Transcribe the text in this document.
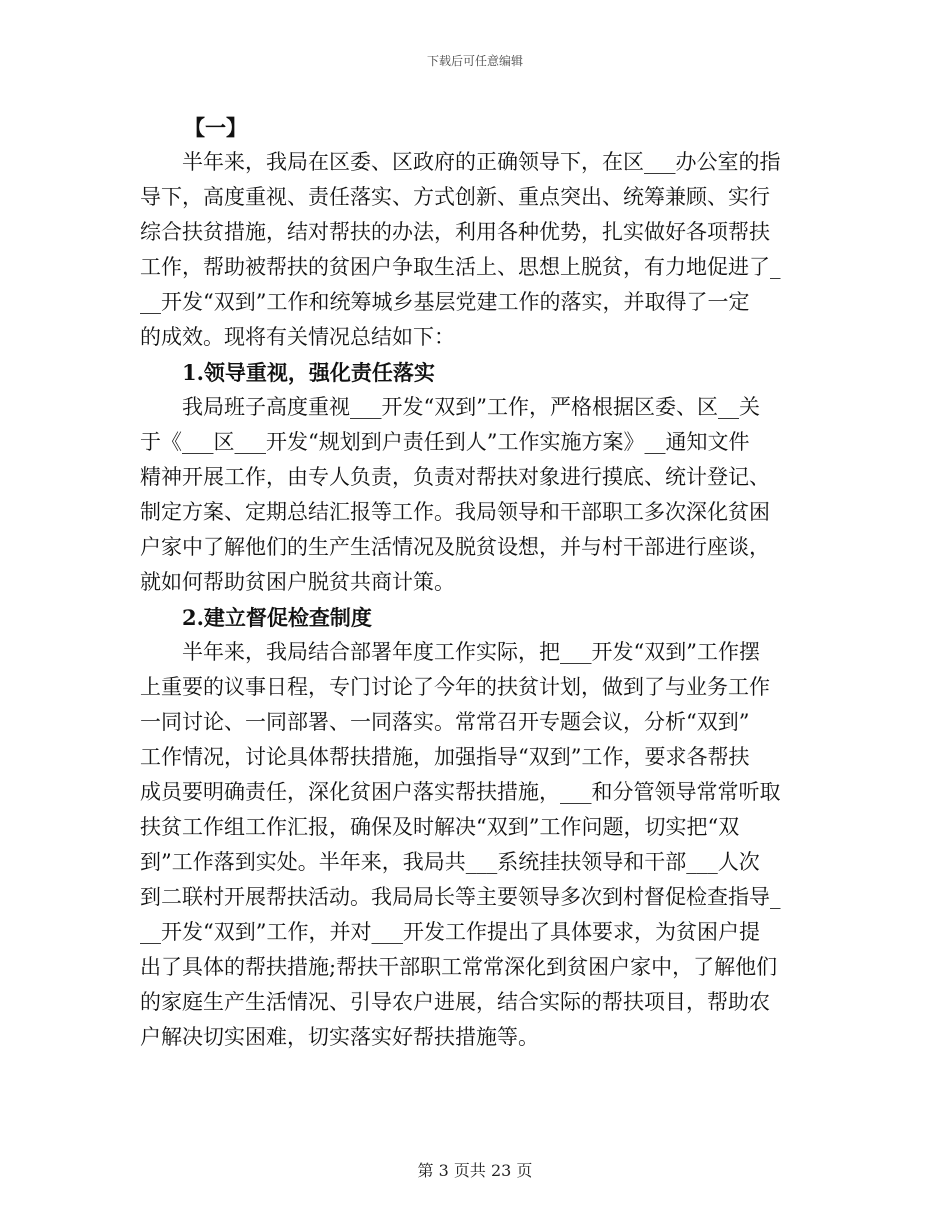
下载后可任意编辑
【一】
　　半年来，我局在区委、区政府的正确领导下，在区___办公室的指
导下，高度重视、责任落实、方式创新、重点突出、统筹兼顾、实行
综合扶贫措施，结对帮扶的办法，利用各种优势，扎实做好各项帮扶
工作，帮助被帮扶的贫困户争取生活上、思想上脱贫，有力地促进了_
__开发“双到”工作和统筹城乡基层党建工作的落实，并取得了一定
的成效。现将有关情况总结如下：
　　1.领导重视，强化责任落实
　　我局班子高度重视___开发“双到”工作，严格根据区委、区__关
于《___区___开发“规划到户责任到人”工作实施方案》__通知文件
精神开展工作，由专人负责，负责对帮扶对象进行摸底、统计登记、
制定方案、定期总结汇报等工作。我局领导和干部职工多次深化贫困
户家中了解他们的生产生活情况及脱贫设想，并与村干部进行座谈，
就如何帮助贫困户脱贫共商计策。
　　2.建立督促检查制度
　　半年来，我局结合部署年度工作实际，把___开发“双到”工作摆
上重要的议事日程，专门讨论了今年的扶贫计划，做到了与业务工作
一同讨论、一同部署、一同落实。常常召开专题会议，分析“双到”
工作情况，讨论具体帮扶措施，加强指导“双到”工作，要求各帮扶
成员要明确责任，深化贫困户落实帮扶措施，___和分管领导常常听取
扶贫工作组工作汇报，确保及时解决“双到”工作问题，切实把“双
到”工作落到实处。半年来，我局共___系统挂扶领导和干部___人次
到二联村开展帮扶活动。我局局长等主要领导多次到村督促检查指导_
__开发“双到”工作，并对___开发工作提出了具体要求，为贫困户提
出了具体的帮扶措施;帮扶干部职工常常深化到贫困户家中，了解他们
的家庭生产生活情况、引导农户进展，结合实际的帮扶项目，帮助农
户解决切实困难，切实落实好帮扶措施等。
第 3 页共 23 页
